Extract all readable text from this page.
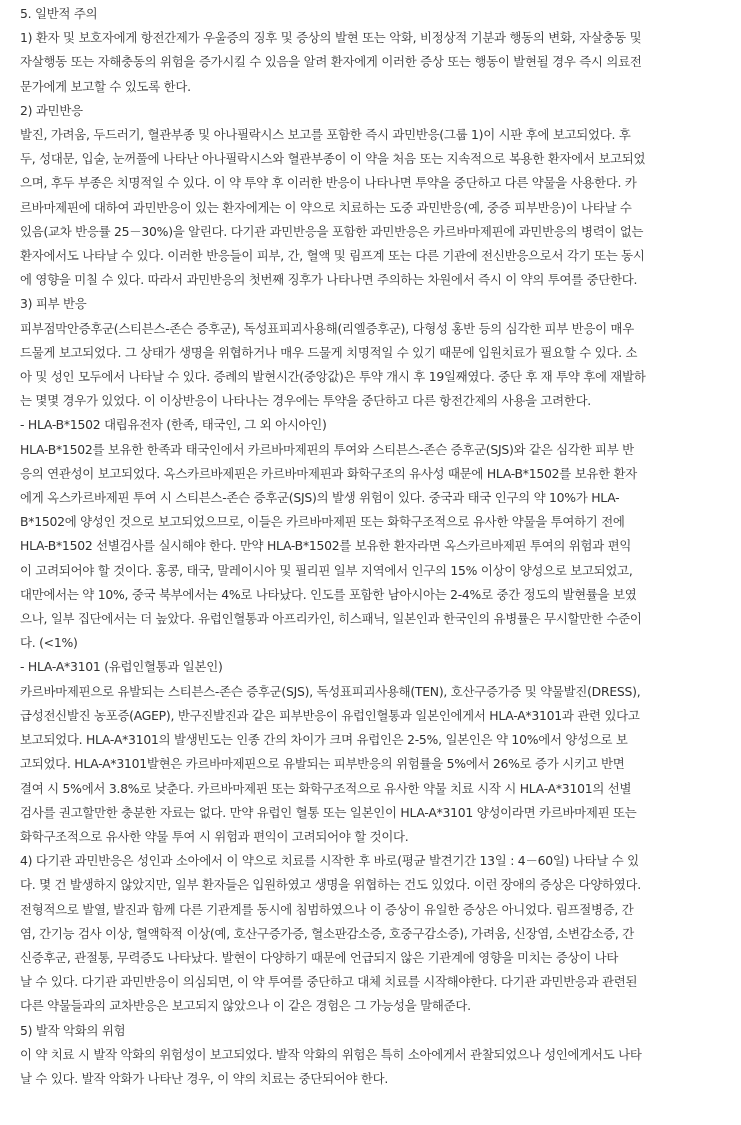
5. 일반적 주의

1) 환자 및 보호자에게 항전간제가 우울증의 징후 및 증상의 발현 또는 악화, 비정상적 기분과 행동의 변화, 자살충동 및

자살행동 또는 자해충동의 위험을 증가시킬 수 있음을 알려 환자에게 이러한 증상 또는 행동이 발현될 경우 즉시 의료전

문가에게 보고할 수 있도록 한다.

2) 과민반응

발진, 가려움, 두드러기, 혈관부종 및 아나필락시스 보고를 포함한 즉시 과민반응(그룹 1)이 시판 후에 보고되었다. 후

두, 성대문, 입술, 눈꺼풀에 나타난 아나필락시스와 혈관부종이 이 약을 처음 또는 지속적으로 복용한 환자에서 보고되었

으며, 후두 부종은 치명적일 수 있다. 이 약 투약 후 이러한 반응이 나타나면 투약을 중단하고 다른 약물을 사용한다. 카

르바마제핀에 대하여 과민반응이 있는 환자에게는 이 약으로 치료하는 도중 과민반응(예, 중증 피부반응)이 나타날 수

있음(교차 반응률 25－30%)을 알린다. 다기관 과민반응을 포함한 과민반응은 카르바마제핀에 과민반응의 병력이 없는

환자에서도 나타날 수 있다. 이러한 반응들이 피부, 간, 혈액 및 림프계 또는 다른 기관에 전신반응으로서 각기 또는 동시

에 영향을 미칠 수 있다. 따라서 과민반응의 첫번째 징후가 나타나면 주의하는 차원에서 즉시 이 약의 투여를 중단한다.

3) 피부 반응

피부점막안증후군(스티븐스-존슨 증후군), 독성표피괴사용해(리엘증후군), 다형성 홍반 등의 심각한 피부 반응이 매우

드물게 보고되었다. 그 상태가 생명을 위협하거나 매우 드물게 치명적일 수 있기 때문에 입원치료가 필요할 수 있다. 소

아 및 성인 모두에서 나타날 수 있다. 증례의 발현시간(중앙값)은 투약 개시 후 19일째였다. 중단 후 재 투약 후에 재발하

는 몇몇 경우가 있었다. 이 이상반응이 나타나는 경우에는 투약을 중단하고 다른 항전간제의 사용을 고려한다.

- HLA-B*1502 대립유전자 (한족, 태국인, 그 외 아시아인)

HLA-B*1502를 보유한 한족과 태국인에서 카르바마제핀의 투여와 스티븐스-존슨 증후군(SJS)와 같은 심각한 피부 반

응의 연관성이 보고되었다. 옥스카르바제핀은 카르바마제핀과 화학구조의 유사성 때문에 HLA-B*1502를 보유한 환자

에게 옥스카르바제핀 투여 시 스티븐스-존슨 증후군(SJS)의 발생 위험이 있다. 중국과 태국 인구의 약 10%가 HLA-

B*1502에 양성인 것으로 보고되었으므로, 이들은 카르바마제핀 또는 화학구조적으로 유사한 약물을 투여하기 전에

HLA-B*1502 선별검사를 실시해야 한다. 만약 HLA-B*1502를 보유한 환자라면 옥스카르바제핀 투여의 위험과 편익

이 고려되어야 할 것이다. 홍콩, 태국, 말레이시아 및 필리핀 일부 지역에서 인구의 15% 이상이 양성으로 보고되었고,

대만에서는 약 10%, 중국 북부에서는 4%로 나타났다. 인도를 포함한 남아시아는 2-4%로 중간 정도의 발현률을 보였

으나, 일부 집단에서는 더 높았다. 유럽인혈통과 아프리카인, 히스패닉, 일본인과 한국인의 유병률은 무시할만한 수준이

다. (<1%)

- HLA-A*3101 (유럽인혈통과 일본인)

카르바마제핀으로 유발되는 스티븐스-존슨 증후군(SJS), 독성표피괴사용해(TEN), 호산구증가증 및 약물발진(DRESS),

급성전신발진 농포증(AGEP), 반구진발진과 같은 피부반응이 유럽인혈통과 일본인에게서 HLA-A*3101과 관련 있다고

보고되었다. HLA-A*3101의 발생빈도는 인종 간의 차이가 크며 유럽인은 2-5%, 일본인은 약 10%에서 양성으로 보

고되었다. HLA-A*3101발현은 카르바마제핀으로 유발되는 피부반응의 위험률을 5%에서 26%로 증가 시키고 반면

결여 시 5%에서 3.8%로 낮춘다. 카르바마제핀 또는 화학구조적으로 유사한 약물 치료 시작 시 HLA-A*3101의 선별

검사를 권고할만한 충분한 자료는 없다. 만약 유럽인 혈통 또는 일본인이 HLA-A*3101 양성이라면 카르바마제핀 또는

화학구조적으로 유사한 약물 투여 시 위험과 편익이 고려되어야 할 것이다.

4) 다기관 과민반응은 성인과 소아에서 이 약으로 치료를 시작한 후 바로(평균 발견기간 13일 : 4－60일) 나타날 수 있

다. 몇 건 발생하지 않았지만, 일부 환자들은 입원하였고 생명을 위협하는 건도 있었다. 이런 장애의 증상은 다양하였다.

전형적으로 발열, 발진과 함께 다른 기관계를 동시에 침범하였으나 이 증상이 유일한 증상은 아니었다. 림프절병증, 간

염, 간기능 검사 이상, 혈액학적 이상(예, 호산구증가증, 혈소판감소증, 호중구감소증), 가려움, 신장염, 소변감소증, 간

신증후군, 관절통, 무력증도 나타났다. 발현이 다양하기 때문에 언급되지 않은 기관계에 영향을 미치는 증상이 나타

날 수 있다. 다기관 과민반응이 의심되면, 이 약 투여를 중단하고 대체 치료를 시작해야한다. 다기관 과민반응과 관련된

다른 약물들과의 교차반응은 보고되지 않았으나 이 같은 경험은 그 가능성을 말해준다.

5) 발작 악화의 위험

이 약 치료 시 발작 악화의 위험성이 보고되었다. 발작 악화의 위험은 특히 소아에게서 관찰되었으나 성인에게서도 나타

날 수 있다. 발작 악화가 나타난 경우, 이 약의 치료는 중단되어야 한다.
